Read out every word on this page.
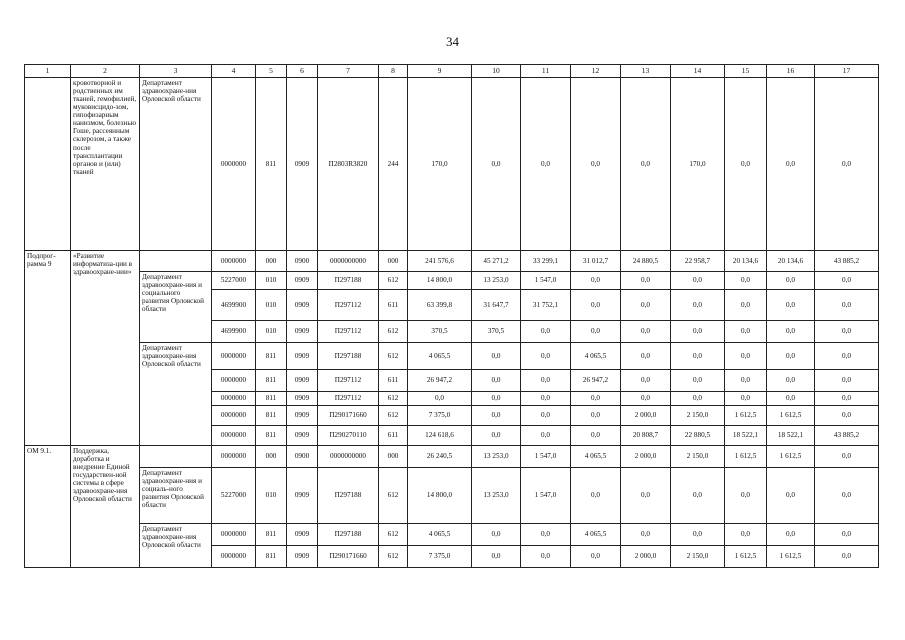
34
1	2	3	4	5	6	7	8	9	10	11	12	13	14	15	16	17
	кровотворной и родственных им тканей, гемофилией, муковисцидо-зом, гипофизарным нанизмом, болезнью Гоше, рассеянным склерозом, а также после трансплантации органов и (или) тканей	Департамент здравоохране-ния Орловской области	0000000	811	0909	П2803R3820	244	170,0	0,0	0,0	0,0	0,0	170,0	0,0	0,0	0,0
Подпрог-рамма 9	«Развитие информатиза-ции в здравоохране-нии»		0000000	000	0900	0000000000	000	241 576,6	45 271,2	33 299,1	31 012,7	24 880,5	22 958,7	20 134,6	20 134,6	43 885,2
		Департамент здравоохране-ния и социального развития Орловской области	5227000	010	0909	П297188	612	14 800,0	13 253,0	1 547,0	0,0	0,0	0,0	0,0	0,0	0,0
			4699900	010	0909	П297112	611	63 399,8	31 647,7	31 752,1	0,0	0,0	0,0	0,0	0,0	0,0
			4699900	010	0909	П297112	612	370,5	370,5	0,0	0,0	0,0	0,0	0,0	0,0	0,0
		Департамент здравоохране-ния Орловской области	0000000	811	0909	П297188	612	4 065,5	0,0	0,0	4 065,5	0,0	0,0	0,0	0,0	0,0
			0000000	811	0909	П297112	611	26 947,2	0,0	0,0	26 947,2	0,0	0,0	0,0	0,0	0,0
			0000000	811	0909	П297112	612	0,0	0,0	0,0	0,0	0,0	0,0	0,0	0,0	0,0
			0000000	811	0909	П290171660	612	7 375,0	0,0	0,0	0,0	2 000,0	2 150,0	1 612,5	1 612,5	0,0
			0000000	811	0909	П290270110	611	124 618,6	0,0	0,0	0,0	20 808,7	22 880,5	18 522,1	18 522,1	43 885,2
ОМ 9.1.	Поддержка, доработка и внедрение Единой государствен-ной системы в сфере здравоохране-ния Орловской области		0000000	000	0900	0000000000	000	26 240,5	13 253,0	1 547,0	4 065,5	2 000,0	2 150,0	1 612,5	1 612,5	0,0
		Департамент здравоохране-ния и социаль-ного развития Орловской области	5227000	010	0909	П297188	612	14 800,0	13 253,0	1 547,0	0,0	0,0	0,0	0,0	0,0	0,0
		Департамент здравоохране-ния Орловской области	0000000	811	0909	П297188	612	4 065,5	0,0	0,0	4 065,5	0,0	0,0	0,0	0,0	0,0
			0000000	811	0909	П290171660	612	7 375,0	0,0	0,0	0,0	2 000,0	2 150,0	1 612,5	1 612,5	0,0
